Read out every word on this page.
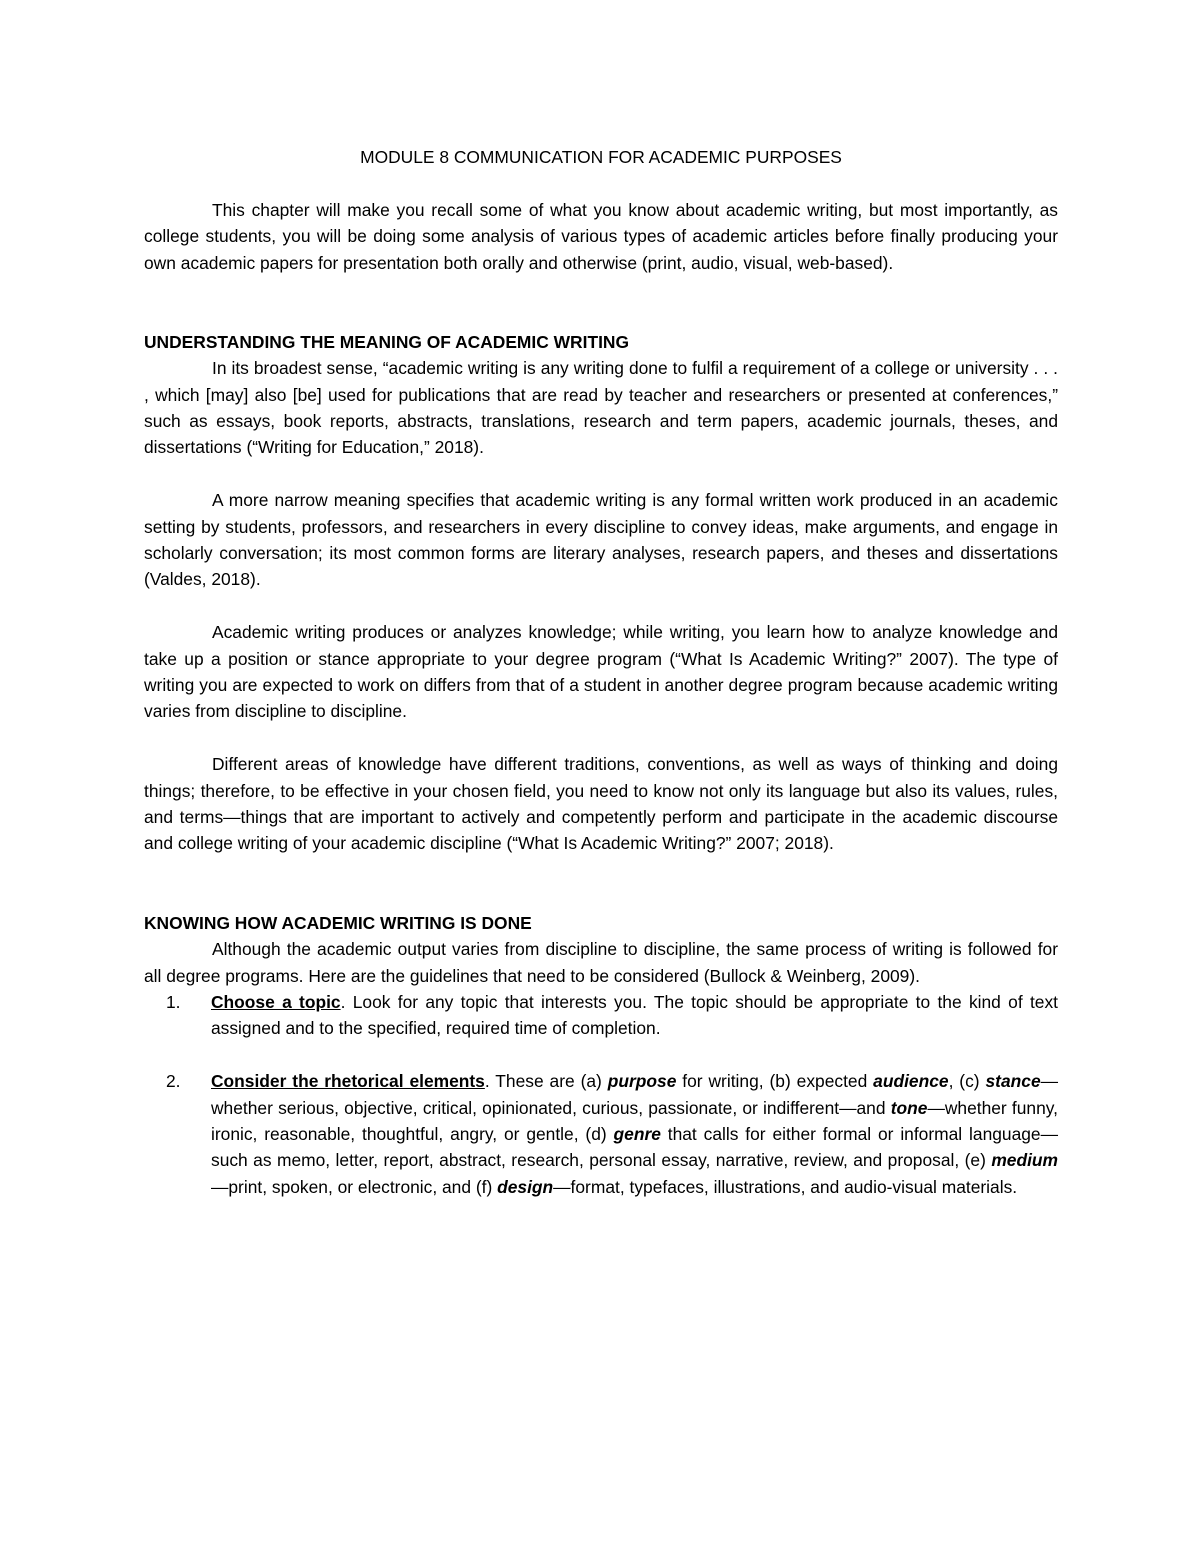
MODULE 8 COMMUNICATION FOR ACADEMIC PURPOSES

This chapter will make you recall some of what you know about academic writing, but most importantly, as college students, you will be doing some analysis of various types of academic articles before finally producing your own academic papers for presentation both orally and otherwise (print, audio, visual, web-based).

UNDERSTANDING THE MEANING OF ACADEMIC WRITING

In its broadest sense, “academic writing is any writing done to fulfil a requirement of a college or university . . . , which [may] also [be] used for publications that are read by teacher and researchers or presented at conferences,” such as essays, book reports, abstracts, translations, research and term papers, academic journals, theses, and dissertations (“Writing for Education,” 2018).

A more narrow meaning specifies that academic writing is any formal written work produced in an academic setting by students, professors, and researchers in every discipline to convey ideas, make arguments, and engage in scholarly conversation; its most common forms are literary analyses, research papers, and theses and dissertations (Valdes, 2018).

Academic writing produces or analyzes knowledge; while writing, you learn how to analyze knowledge and take up a position or stance appropriate to your degree program (“What Is Academic Writing?” 2007). The type of writing you are expected to work on differs from that of a student in another degree program because academic writing varies from discipline to discipline.

Different areas of knowledge have different traditions, conventions, as well as ways of thinking and doing things; therefore, to be effective in your chosen field, you need to know not only its language but also its values, rules, and terms—things that are important to actively and competently perform and participate in the academic discourse and college writing of your academic discipline (“What Is Academic Writing?” 2007; 2018).

KNOWING HOW ACADEMIC WRITING IS DONE

Although the academic output varies from discipline to discipline, the same process of writing is followed for all degree programs. Here are the guidelines that need to be considered (Bullock & Weinberg, 2009).

1. Choose a topic. Look for any topic that interests you. The topic should be appropriate to the kind of text assigned and to the specified, required time of completion.
2. Consider the rhetorical elements. These are (a) purpose for writing, (b) expected audience, (c) stance—whether serious, objective, critical, opinionated, curious, passionate, or indifferent—and tone—whether funny, ironic, reasonable, thoughtful, angry, or gentle, (d) genre that calls for either formal or informal language—such as memo, letter, report, abstract, research, personal essay, narrative, review, and proposal, (e) medium—print, spoken, or electronic, and (f) design—format, typefaces, illustrations, and audio-visual materials.
